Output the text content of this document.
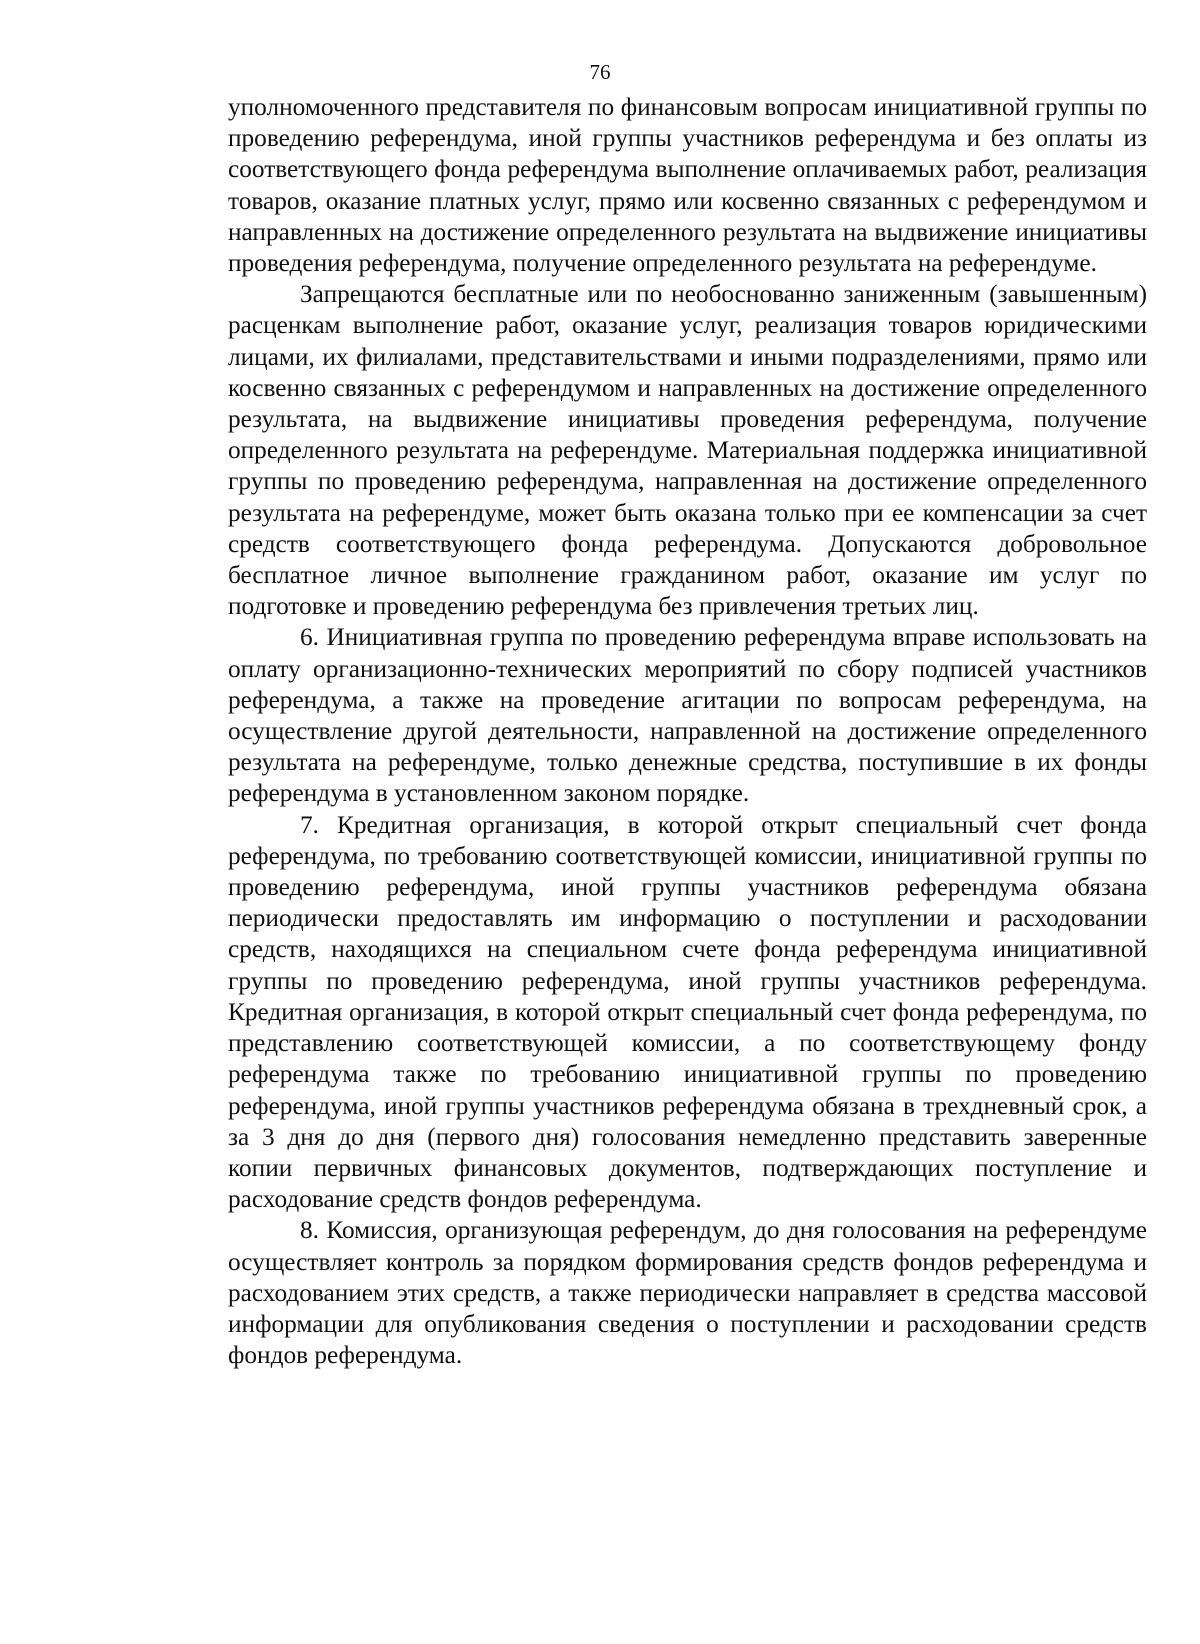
76

уполномоченного представителя по финансовым вопросам инициативной группы по проведению референдума, иной группы участников референдума и без оплаты из соответствующего фонда референдума выполнение оплачиваемых работ, реализация товаров, оказание платных услуг, прямо или косвенно связанных с референдумом и направленных на достижение определенного результата на выдвижение инициативы проведения референдума, получение определенного результата на референдуме.

Запрещаются бесплатные или по необоснованно заниженным (завышенным) расценкам выполнение работ, оказание услуг, реализация товаров юридическими лицами, их филиалами, представительствами и иными подразделениями, прямо или косвенно связанных с референдумом и направленных на достижение определенного результата, на выдвижение инициативы проведения референдума, получение определенного результата на референдуме. Материальная поддержка инициативной группы по проведению референдума, направленная на достижение определенного результата на референдуме, может быть оказана только при ее компенсации за счет средств соответствующего фонда референдума. Допускаются добровольное бесплатное личное выполнение гражданином работ, оказание им услуг по подготовке и проведению референдума без привлечения третьих лиц.

6. Инициативная группа по проведению референдума вправе использовать на оплату организационно-технических мероприятий по сбору подписей участников референдума, а также на проведение агитации по вопросам референдума, на осуществление другой деятельности, направленной на достижение определенного результата на референдуме, только денежные средства, поступившие в их фонды референдума в установленном законом порядке.

7. Кредитная организация, в которой открыт специальный счет фонда референдума, по требованию соответствующей комиссии, инициативной группы по проведению референдума, иной группы участников референдума обязана периодически предоставлять им информацию о поступлении и расходовании средств, находящихся на специальном счете фонда референдума инициативной группы по проведению референдума, иной группы участников референдума. Кредитная организация, в которой открыт специальный счет фонда референдума, по представлению соответствующей комиссии, а по соответствующему фонду референдума также по требованию инициативной группы по проведению референдума, иной группы участников референдума обязана в трехдневный срок, а за 3 дня до дня (первого дня) голосования немедленно представить заверенные копии первичных финансовых документов, подтверждающих поступление и расходование средств фондов референдума.

8. Комиссия, организующая референдум, до дня голосования на референдуме осуществляет контроль за порядком формирования средств фондов референдума и расходованием этих средств, а также периодически направляет в средства массовой информации для опубликования сведения о поступлении и расходовании средств фондов референдума.
